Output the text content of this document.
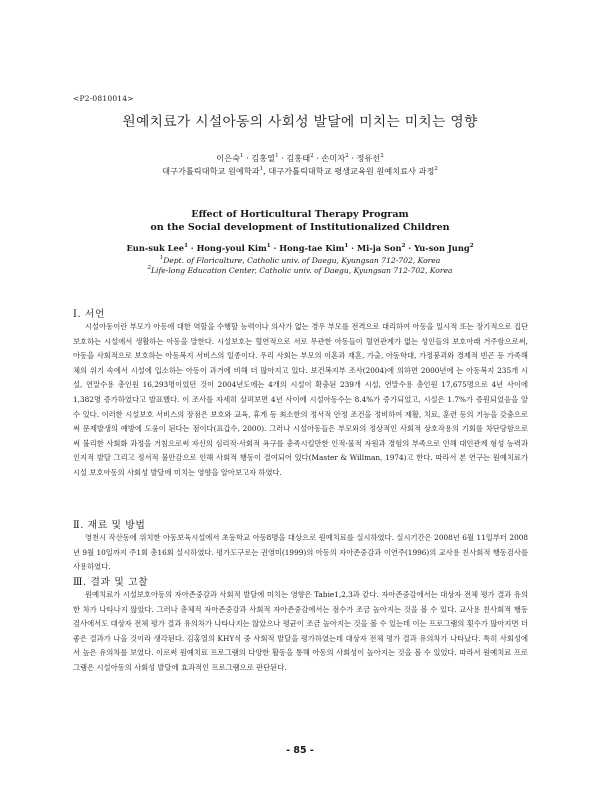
<P2-0810014>
원예치료가 시설아동의 사회성 발달에 미치는 미치는 영향
이은숙$^1$ · 김홍열$^1$ · 김홍태$^2$ · 손미자$^2$ · 정유선$^2$
대구가톨릭대학교 원예학과$^1$, 대구가톨릭대학교 평생교육원 원예치료사 과정$^2$
Effect of Horticultural Therapy Program
on the Social development of Institutionalized Children
Eun-suk Lee$^1$ · Hong-youl Kim$^1$ · Hong-tae Kim$^1$ · Mi-ja Son$^2$ · Yu-son Jung$^2$
$^1$Dept. of Floriculture, Catholic univ. of Daegu, Kyungsan 712-702, Korea
$^2$Life-long Education Center, Catholic univ. of Daegu, Kyungsan 712-702, Korea
Ⅰ. 서언

시설아동이란 부모가 아동에 대한 역할을 수행할 능력이나 의사가 없는 경우 부모를 전격으로 대리하여 아동을 일시적 또는 장기적으로 집단 보호하는 시설에서 생활하는 아동을 말한다. 시설보호는 혈연적으로 서로 무관한 아동들이 혈연관계가 없는 성인들의 보호아래 거주함으로써, 아동을 사회적으로 보호하는 아동복지 서비스의 일종이다. 우리 사회는 부모의 이혼과 재혼, 가출, 아동학대, 가정붕괴와 경제적 빈곤 등 가족해체의 위기 속에서 시설에 입소하는 아동이 과거에 비해 더 많아지고 있다. 보건복지부 조사(2004)에 의하면 2000년에 는 아동복지 235개 시설, 연말수용 총인원 16,293명이었던 것이 2004년도에는 4개의 시설이 확충된 239개 시설, 연말수용 총인원 17,675명으로 4년 사이에 1,382명 증가하였다고 발표했다. 이 조사를 자세히 살펴보면 4년 사이에 시설아동수는 8.4%가 증가되었고, 시설은 1.7%가 증원되었음을 알 수 있다. 이러한 시설보호 서비스의 장점은 보호와 교육, 휴게 등 최소한의 정서적 안정 조건을 정비하여 재활, 치료, 훈련 등의 기능을 갖춤으로써 문제발생의 예방에 도움이 된다는 점이다(표갑수, 2000). 그러나 시설아동들은 부모와의 정상적인 사회적 상호작용의 기회를 차단당함으로써 불리한 사회화 과정을 거침으로써 자신의 심리적·사회적 욕구를 충족시킬만한 인적·물적 자원과 경험의 부족으로 인해 대인관계 형성 능력과 인지적 발달 그리고 정서적 불안감으로 인해 사회적 행동이 결여되어 있다(Master & Willman, 1974)고 한다. 따라서 본 연구는 원예치료가 시설 보호아동의 사회성 발달에 미치는 영향을 알아보고자 하였다.

Ⅱ. 재료 및 방법

영천시 작산동에 위치한 아동보육시설에서 초등학교 아동8명을 대상으로 원예치료를 실시하였다. 실시기간은 2008년 6월 11일부터 2008년 9월 10일까지 주1회 총16회 실시하였다. 평가도구로는 권영미(1999)의 아동의 자아존중감과 이연주(1996)의 교사용 친사회적 행동검사를 사용하였다.

Ⅲ. 결과 및 고찰

원예치료가 시설보호아동의 자아존중감과 사회적 발달에 미치는 영향은 Tabie1,2,3과 같다. 자아존중감에서는 대상자 전체 평가 결과 유의한 차가 나타나지 않았다. 그러나 총체적 자아존중감과 사회적 자아존중감에서는 점수가 조금 높아지는 것을 볼 수 있다. 교사용 친사회적 행동검사에서도 대상자 전체 평가 결과 유의차가 나타나지는 않았으나 평균이 조금 높아지는 것을 볼 수 있는데 이는 프로그램의 횟수가 많아지면 더 좋은 결과가 나올 것이라 생각된다. 김홍열의 KHY식 중 사회적 발달을 평가하였는데 대상자 전체 평가 결과 유의차가 나타났다. 특히 사회성에서 높은 유의차를 보였다. 이로써 원예치료 프로그램의 다양한 활동을 통해 아동의 사회성이 높아지는 것을 볼 수 있었다. 따라서 원예치료 프로그램은 시설아동의 사회성 발달에 효과적인 프로그램으로 판단된다.

- 85 -
